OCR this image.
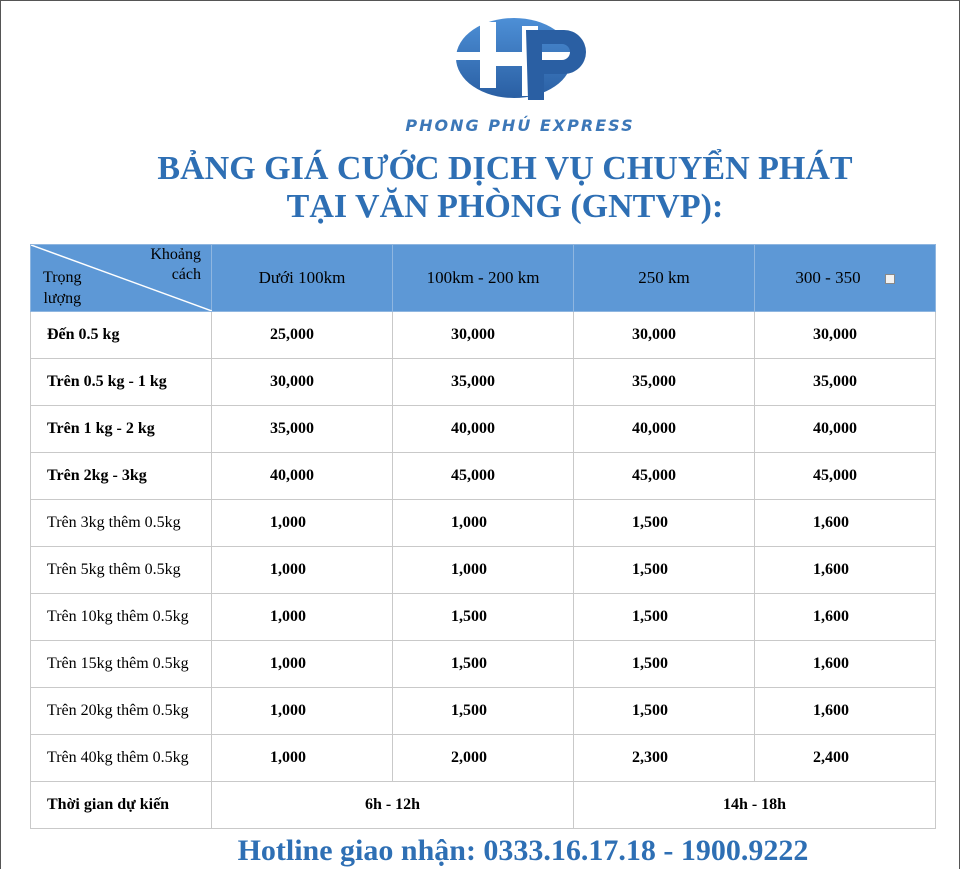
PHONG PHÚ EXPRESS
BẢNG GIÁ CƯỚC DỊCH VỤ CHUYỂN PHÁT
TẠI VĂN PHÒNG (GNTVP):
Khoảng
cách
Trọng
lượng	Dưới 100km	100km - 200 km	250 km	300 - 350
Đến 0.5 kg	25,000	30,000	30,000	30,000
Trên 0.5 kg - 1 kg	30,000	35,000	35,000	35,000
Trên 1 kg - 2 kg	35,000	40,000	40,000	40,000
Trên 2kg - 3kg	40,000	45,000	45,000	45,000
Trên 3kg thêm 0.5kg	1,000	1,000	1,500	1,600
Trên 5kg thêm 0.5kg	1,000	1,000	1,500	1,600
Trên 10kg thêm 0.5kg	1,000	1,500	1,500	1,600
Trên 15kg thêm 0.5kg	1,000	1,500	1,500	1,600
Trên 20kg thêm 0.5kg	1,000	1,500	1,500	1,600
Trên 40kg thêm 0.5kg	1,000	2,000	2,300	2,400
Thời gian dự kiến	6h - 12h		14h - 18h	
Hotline giao nhận: 0333.16.17.18 - 1900.9222
